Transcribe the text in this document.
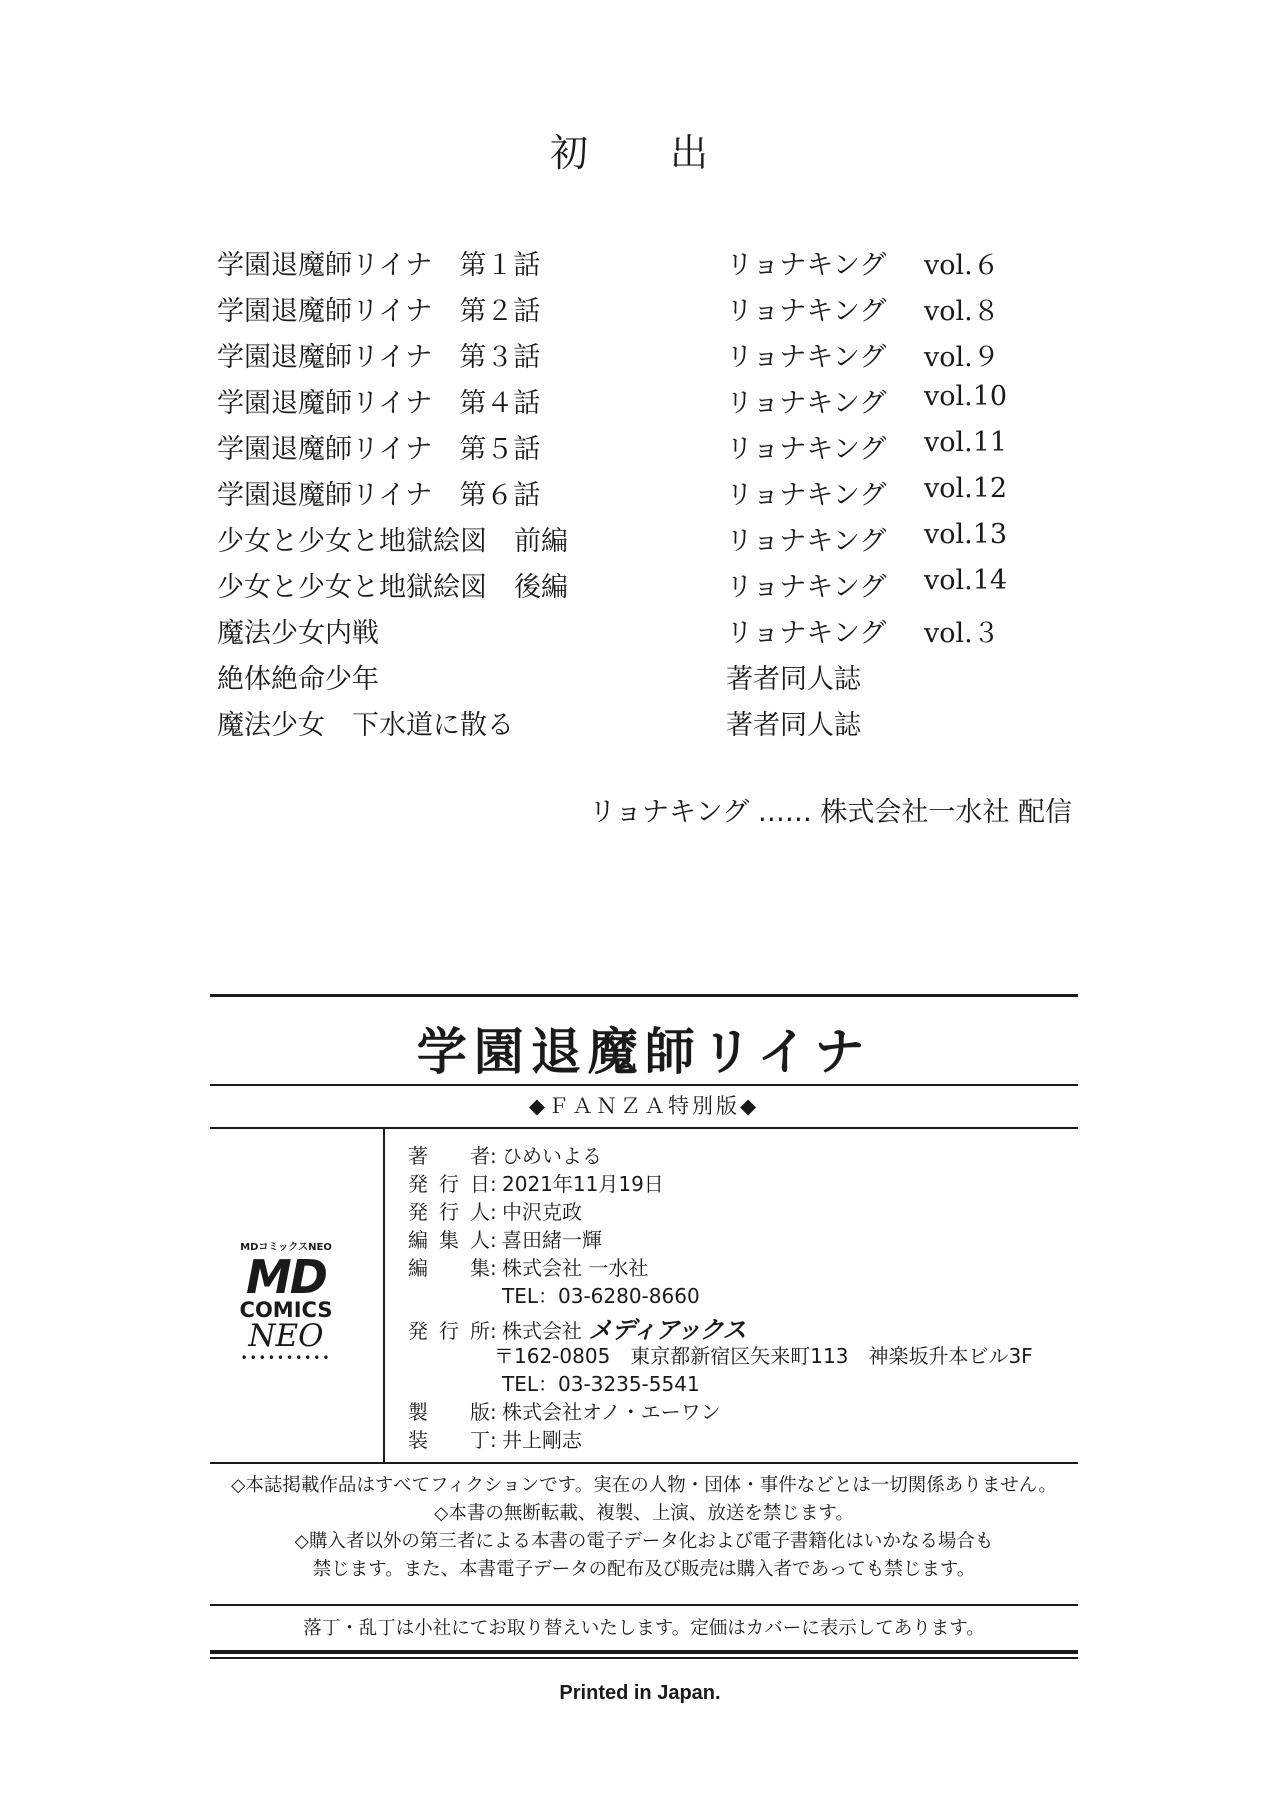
初　出
学園退魔師リイナ　第１話	リョナキング vol.６
学園退魔師リイナ　第２話	リョナキング vol.８
学園退魔師リイナ　第３話	リョナキング vol.９
学園退魔師リイナ　第４話	リョナキング vol.10
学園退魔師リイナ　第５話	リョナキング vol.11
学園退魔師リイナ　第６話	リョナキング vol.12
少女と少女と地獄絵図　前編	リョナキング vol.13
少女と少女と地獄絵図　後編	リョナキング vol.14
魔法少女内戦	リョナキング vol.３
絶体絶命少年	著者同人誌
魔法少女　下水道に散る	著者同人誌
リョナキング …… 株式会社一水社 配信
学園退魔師リイナ
◆ＦＡＮＺＡ特別版◆
MDコミックスNEO
MD
COMICS
NEO
••••••••••
著者: ひめいよる
発行日: 2021年11月19日
発行人: 中沢克政
編集人: 喜田緒一輝
編集: 株式会社 一水社
TEL：03-6280-8660
発行所: 株式会社 メディアックス
〒162-0805　東京都新宿区矢来町113　神楽坂升本ビル3F
TEL：03-3235-5541
製版: 株式会社オノ・エーワン
装丁: 井上剛志
◇本誌掲載作品はすべてフィクションです。実在の人物・団体・事件などとは一切関係ありません。
◇本書の無断転載、複製、上演、放送を禁じます。
◇購入者以外の第三者による本書の電子データ化および電子書籍化はいかなる場合も
禁じます。また、本書電子データの配布及び販売は購入者であっても禁じます。
落丁・乱丁は小社にてお取り替えいたします。定価はカバーに表示してあります。
Printed in Japan.
